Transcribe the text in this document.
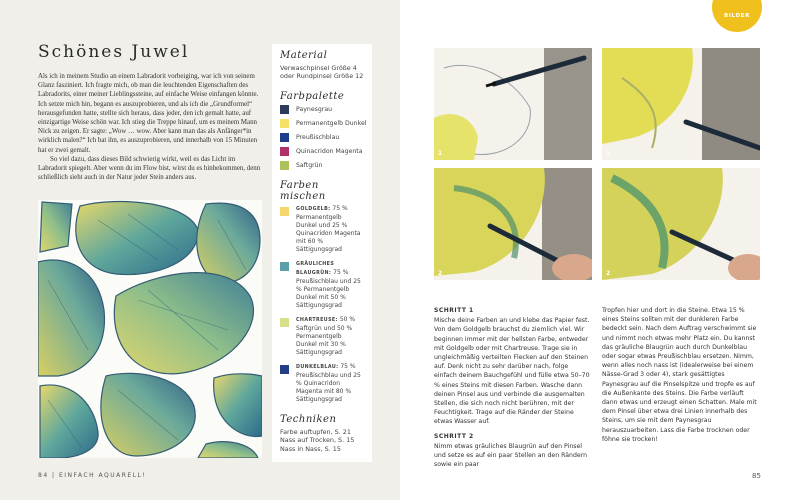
Schönes Juwel

Als ich in meinem Studio an einem Labradorit vorbeiging, war ich von seinem Glanz fasziniert. Ich fragte mich, ob man die leuchtenden Eigenschaften des Labradorits, einer meiner Lieblingssteine, auf einfache Weise einfangen könnte. Ich setzte mich hin, begann es auszuprobieren, und als ich die „Grundformel“ herausgefunden hatte, stellte sich heraus, dass jeder, den ich gemalt hatte, auf einzigartige Weise schön war. Ich stieg die Treppe hinauf, um es meinem Mann Nick zu zeigen. Er sagte: „Wow … wow. Aber kann man das als Anfänger*in wirklich malen?“ Ich bat ihn, es auszuprobieren, und innerhalb von 15 Minuten hat er zwei gemalt.

So viel dazu, dass dieses Bild schwierig wirkt, weil es das Licht im Labradorit spiegelt. Aber wenn du im Flow bist, wirst du es hinbekommen, denn schließlich sieht auch in der Natur jeder Stein anders aus.

84 | EINFACH AQUARELL!
Material
Verwaschpinsel Größe 4 oder Rundpinsel Größe 12
Farbpalette
Paynesgrau
Permanentgelb Dunkel
Preußischblau
Quinacridon Magenta
Saftgrün
Farben mischen
GOLDGELB: 75 % Permanentgelb Dunkel und 25 % Quinacridon Magenta mit 60 % Sättigungsgrad
GRÄULICHES BLAUGRÜN: 75 % Preußischblau und 25 % Permanentgelb Dunkel mit 50 % Sättigungsgrad
CHARTREUSE: 50 % Saftgrün und 50 % Permanentgelb Dunkel mit 30 % Sättigungsgrad
DUNKELBLAU: 75 % Preußischblau und 25 % Quinacridon Magenta mit 80 % Sättigungsgrad
Techniken
Farbe auftupfen, S. 21
Nass auf Trocken, S. 15
Nass in Nass, S. 15
BILDER
1	1
2	2
SCHRITT 1
Mische deine Farben an und klebe das Papier fest. Von dem Goldgelb brauchst du ziemlich viel. Wir beginnen immer mit der hellsten Farbe, entweder mit Goldgelb oder mit Chartreuse. Trage sie in ungleichmäßig verteilten Flecken auf den Steinen auf. Denk nicht zu sehr darüber nach, folge einfach deinem Bauchgefühl und fülle etwa 50–70 % eines Steins mit diesen Farben. Wasche dann deinen Pinsel aus und verbinde die ausgemalten Stellen, die sich noch nicht berühren, mit der Feuchtigkeit. Trage auf die Ränder der Steine etwas Wasser auf.
SCHRITT 2
Nimm etwas gräuliches Blaugrün auf den Pinsel und setze es auf ein paar Stellen an den Rändern sowie ein paar
Tropfen hier und dort in die Steine. Etwa 15 % eines Steins sollten mit der dunkleren Farbe bedeckt sein. Nach dem Auftrag verschwimmt sie und nimmt noch etwas mehr Platz ein. Du kannst das gräuliche Blaugrün auch durch Dunkelblau oder sogar etwas Preußischblau ersetzen. Nimm, wenn alles noch nass ist (idealerweise bei einem Nässe-Grad 3 oder 4), stark gesättigtes Paynesgrau auf die Pinselspitze und tropfe es auf die Außenkante des Steins. Die Farbe verläuft dann etwas und erzeugt einen Schatten. Male mit dem Pinsel über etwa drei Linien innerhalb des Steins, um sie mit dem Paynesgrau herauszuarbeiten. Lass die Farbe trocknen oder föhne sie trocken!
85
